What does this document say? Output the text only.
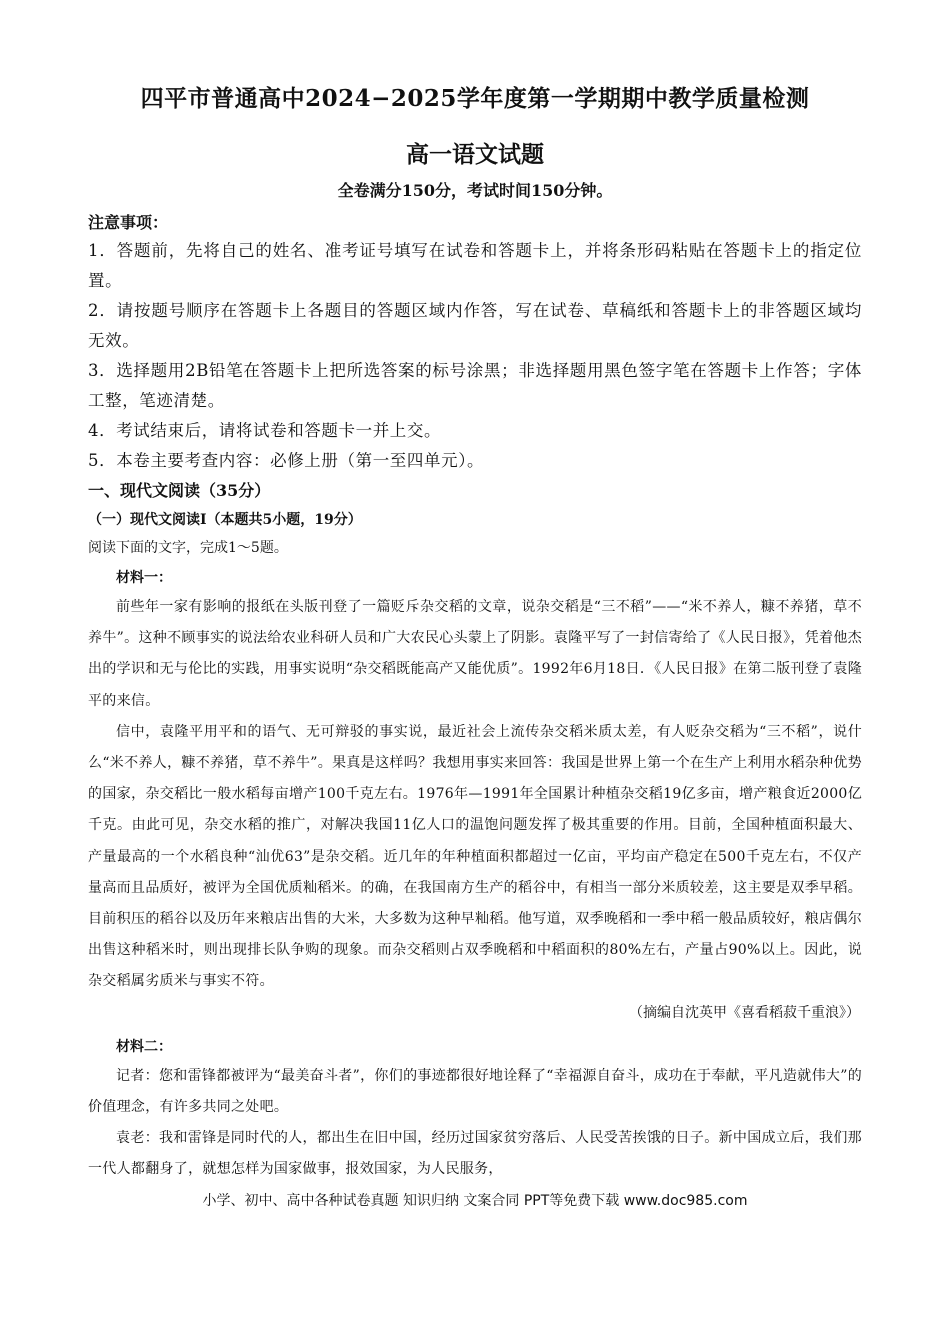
四平市普通高中2024−2025学年度第一学期期中教学质量检测
高一语文试题
全卷满分150分，考试时间150分钟。
注意事项：
1．答题前，先将自己的姓名、准考证号填写在试卷和答题卡上，并将条形码粘贴在答题卡上的指定位置。
2．请按题号顺序在答题卡上各题目的答题区域内作答，写在试卷、草稿纸和答题卡上的非答题区域均无效。
3．选择题用2B铅笔在答题卡上把所选答案的标号涂黑；非选择题用黑色签字笔在答题卡上作答；字体工整，笔迹清楚。
4．考试结束后，请将试卷和答题卡一并上交。
5．本卷主要考查内容：必修上册（第一至四单元）。
一、现代文阅读（35分）
（一）现代文阅读Ⅰ（本题共5小题，19分）
阅读下面的文字，完成1～5题。
材料一：

前些年一家有影响的报纸在头版刊登了一篇贬斥杂交稻的文章，说杂交稻是“三不稻”——“米不养人，糠不养猪，草不养牛”。这种不顾事实的说法给农业科研人员和广大农民心头蒙上了阴影。袁隆平写了一封信寄给了《人民日报》，凭着他杰出的学识和无与伦比的实践，用事实说明“杂交稻既能高产又能优质”。1992年6月18日．《人民日报》在第二版刊登了袁隆平的来信。

信中，袁隆平用平和的语气、无可辩驳的事实说，最近社会上流传杂交稻米质太差，有人贬杂交稻为“三不稻”，说什么“米不养人，糠不养猪，草不养牛”。果真是这样吗？我想用事实来回答：我国是世界上第一个在生产上利用水稻杂种优势的国家，杂交稻比一般水稻每亩增产100千克左右。1976年—1991年全国累计种植杂交稻19亿多亩，增产粮食近2000亿千克。由此可见，杂交水稻的推广，对解决我国11亿人口的温饱问题发挥了极其重要的作用。目前，全国种植面积最大、产量最高的一个水稻良种“汕优63”是杂交稻。近几年的年种植面积都超过一亿亩，平均亩产稳定在500千克左右，不仅产量高而且品质好，被评为全国优质籼稻米。的确，在我国南方生产的稻谷中，有相当一部分米质较差，这主要是双季早稻。目前积压的稻谷以及历年来粮店出售的大米，大多数为这种早籼稻。他写道，双季晚稻和一季中稻一般品质较好，粮店偶尔出售这种稻米时，则出现排长队争购的现象。而杂交稻则占双季晚稻和中稻面积的80%左右，产量占90%以上。因此，说杂交稻属劣质米与事实不符。

（摘编自沈英甲《喜看稻菽千重浪》）
材料二：

记者：您和雷锋都被评为“最美奋斗者”，你们的事迹都很好地诠释了“幸福源自奋斗，成功在于奉献，平凡造就伟大”的价值理念，有许多共同之处吧。

袁老：我和雷锋是同时代的人，都出生在旧中国，经历过国家贫穷落后、人民受苦挨饿的日子。新中国成立后，我们那一代人都翻身了，就想怎样为国家做事，报效国家，为人民服务，

小学、初中、高中各种试卷真题 知识归纳 文案合同 PPT等免费下载 www.doc985.com
